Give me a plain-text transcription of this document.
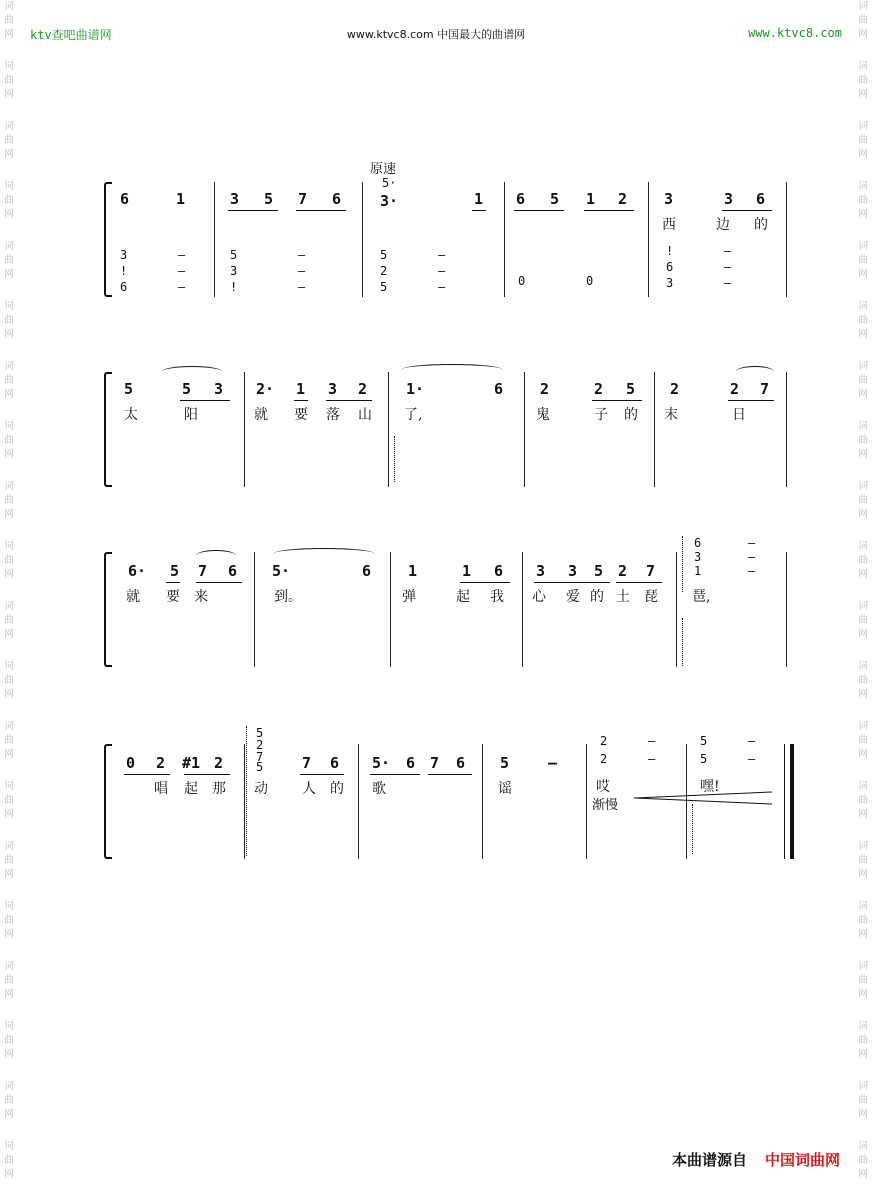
ktv查吧曲谱网	www.ktvc8.com 中国最大的曲谱网	www.ktvc8.com
词
曲
网
词
曲
网
词
曲
网
词
曲
网
词
曲
网
词
曲
网
词
曲
网
词
曲
网
词
曲
网
词
曲
网
词
曲
网
词
曲
网
词
曲
网
词
曲
网
词
曲
网
词
曲
网
词
曲
网
词
曲
网
词
曲
网
词
曲
网
词
曲
网
词
曲
网
词
曲
网
词
曲
网
词
曲
网
词
曲
网
词
曲
网
词
曲
网
词
曲
网
词
曲
网
词
曲
网
词
曲
网
词
曲
网
词
曲
网
词
曲
网
词
曲
网
词
曲
网
词
曲
网
词
曲
网
词
曲
网
原速
5·
6	1	3 5 7 6	3·	1 6 5 1 2 3	3 6
西	边 的
3	–	5	–	5	–	!	–
!	–	3	–	2	–	6	–
6	–	!	–	5	–	0	0	3	–
5	5 3 2· 1 3 2	1·	6 2	2 5 2	2 7
太	阳	就 要 落 山 了,	鬼	子 的 末	日
6· 5 7 6 5·	6 1	1 6 3 3 5 2 7
6
3
1
–
–
–
就 要 来	到。	弹	起 我 心 爱 的 土 琵 琶,
5
2
7
5
0 2 #1 2	7 6 5· 6 7 6 5	–
2	–	5	–
2	–	5	–
唱 起 那 动 人 的 歌	谣	哎	嘿!
渐慢
本曲谱源自 中国词曲网
